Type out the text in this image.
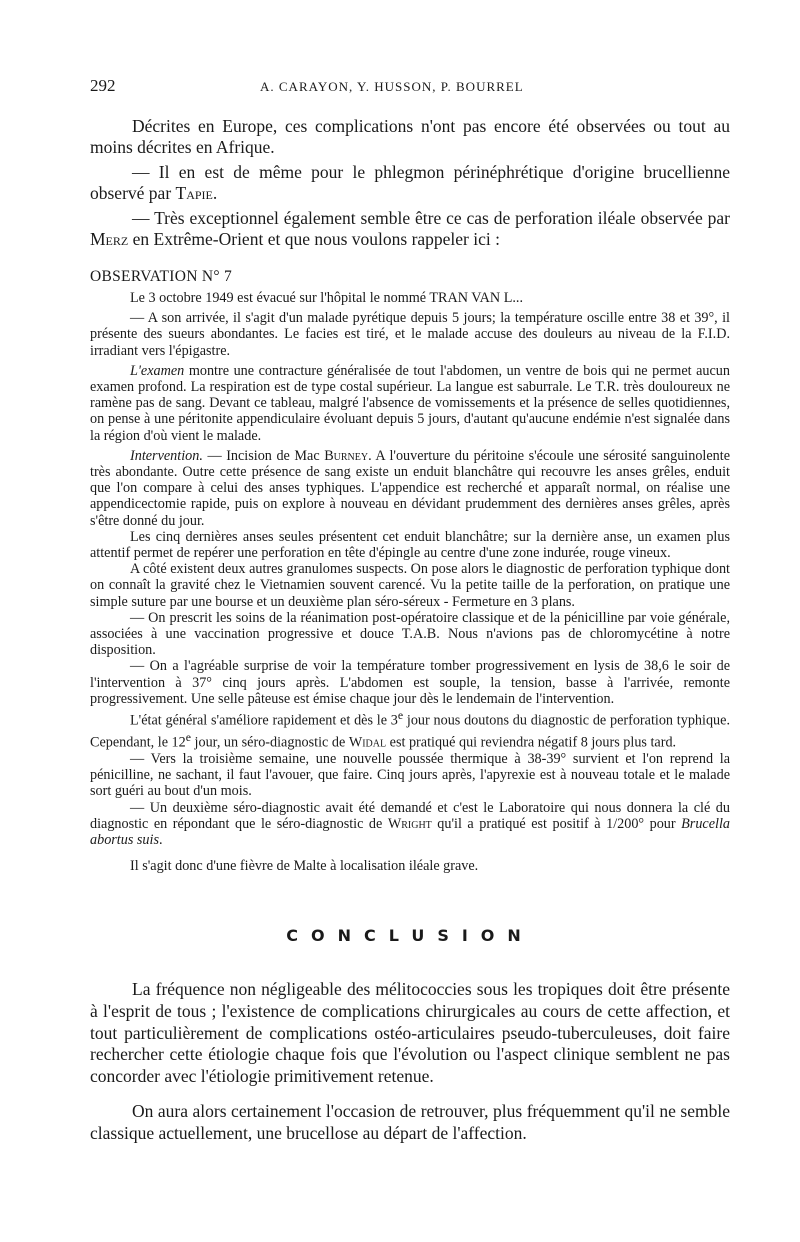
292	A. CARAYON, Y. HUSSON, P. BOURREL

Décrites en Europe, ces complications n'ont pas encore été observées ou tout au moins décrites en Afrique.

— Il en est de même pour le phlegmon périnéphrétique d'origine brucellienne observé par Tapie.

— Très exceptionnel également semble être ce cas de perforation iléale observée par Merz en Extrême-Orient et que nous voulons rappeler ici :

OBSERVATION N° 7

Le 3 octobre 1949 est évacué sur l'hôpital le nommé TRAN VAN L...

— A son arrivée, il s'agit d'un malade pyrétique depuis 5 jours; la température oscille entre 38 et 39°, il présente des sueurs abondantes. Le facies est tiré, et le malade accuse des douleurs au niveau de la F.I.D. irradiant vers l'épigastre.

L'examen montre une contracture généralisée de tout l'abdomen, un ventre de bois qui ne permet aucun examen profond. La respiration est de type costal supérieur. La langue est saburrale. Le T.R. très douloureux ne ramène pas de sang. Devant ce tableau, malgré l'absence de vomissements et la présence de selles quotidiennes, on pense à une péritonite appendiculaire évoluant depuis 5 jours, d'autant qu'aucune endémie n'est signalée dans la région d'où vient le malade.

Intervention. — Incision de Mac Burney. A l'ouverture du péritoine s'écoule une sérosité sanguinolente très abondante. Outre cette présence de sang existe un enduit blanchâtre qui recouvre les anses grêles, enduit que l'on compare à celui des anses typhiques. L'appendice est recherché et apparaît normal, on réalise une appendicectomie rapide, puis on explore à nouveau en dévidant prudemment des dernières anses grêles, après s'être donné du jour.

Les cinq dernières anses seules présentent cet enduit blanchâtre; sur la dernière anse, un examen plus attentif permet de repérer une perforation en tête d'épingle au centre d'une zone indurée, rouge vineux.

A côté existent deux autres granulomes suspects. On pose alors le diagnostic de perforation typhique dont on connaît la gravité chez le Vietnamien souvent carencé. Vu la petite taille de la perforation, on pratique une simple suture par une bourse et un deuxième plan séro-séreux - Fermeture en 3 plans.

— On prescrit les soins de la réanimation post-opératoire classique et de la pénicilline par voie générale, associées à une vaccination progressive et douce T.A.B. Nous n'avions pas de chloromycétine à notre disposition.

— On a l'agréable surprise de voir la température tomber progressivement en lysis de 38,6 le soir de l'intervention à 37° cinq jours après. L'abdomen est souple, la tension, basse à l'arrivée, remonte progressivement. Une selle pâteuse est émise chaque jour dès le lendemain de l'intervention.

L'état général s'améliore rapidement et dès le 3e jour nous doutons du diagnostic de perforation typhique. Cependant, le 12e jour, un séro-diagnostic de Widal est pratiqué qui reviendra négatif 8 jours plus tard.

— Vers la troisième semaine, une nouvelle poussée thermique à 38-39° survient et l'on reprend la pénicilline, ne sachant, il faut l'avouer, que faire. Cinq jours après, l'apyrexie est à nouveau totale et le malade sort guéri au bout d'un mois.

— Un deuxième séro-diagnostic avait été demandé et c'est le Laboratoire qui nous donnera la clé du diagnostic en répondant que le séro-diagnostic de Wright qu'il a pratiqué est positif à 1/200° pour Brucella abortus suis.

Il s'agit donc d'une fièvre de Malte à localisation iléale grave.

CONCLUSION

La fréquence non négligeable des mélitococcies sous les tropiques doit être présente à l'esprit de tous ; l'existence de complications chirurgicales au cours de cette affection, et tout particulièrement de complications ostéo-articulaires pseudo-tuberculeuses, doit faire rechercher cette étiologie chaque fois que l'évolution ou l'aspect clinique semblent ne pas concorder avec l'étiologie primitivement retenue.

On aura alors certainement l'occasion de retrouver, plus fréquemment qu'il ne semble classique actuellement, une brucellose au départ de l'affection.
